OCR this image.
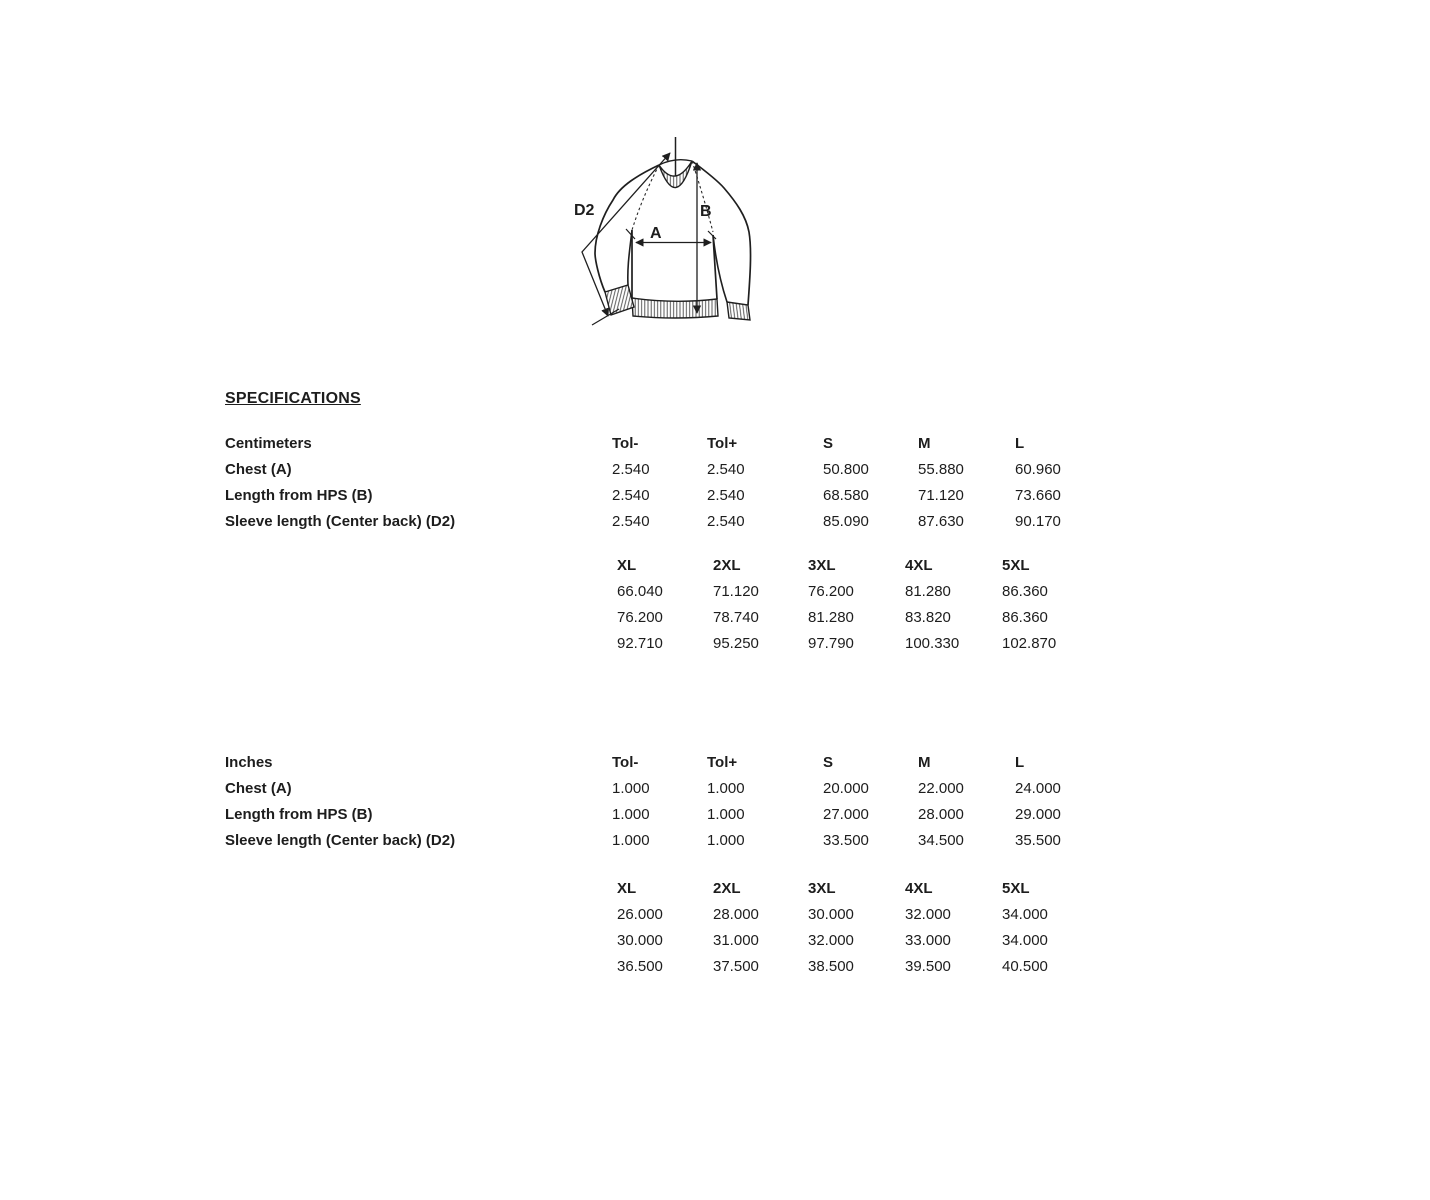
D2	B
A
SPECIFICATIONS
Centimeters	Tol-	Tol+	S	M	L
Chest (A)	2.540	2.540	50.800	55.880	60.960
Length from HPS (B)	2.540	2.540	68.580	71.120	73.660
Sleeve length (Center back) (D2)	2.540	2.540	85.090	87.630	90.170
XL	2XL	3XL	4XL	5XL
66.040	71.120	76.200	81.280	86.360
76.200	78.740	81.280	83.820	86.360
92.710	95.250	97.790	100.330	102.870
Inches	Tol-	Tol+	S	M	L
Chest (A)	1.000	1.000	20.000	22.000	24.000
Length from HPS (B)	1.000	1.000	27.000	28.000	29.000
Sleeve length (Center back) (D2)	1.000	1.000	33.500	34.500	35.500
XL	2XL	3XL	4XL	5XL
26.000	28.000	30.000	32.000	34.000
30.000	31.000	32.000	33.000	34.000
36.500	37.500	38.500	39.500	40.500
